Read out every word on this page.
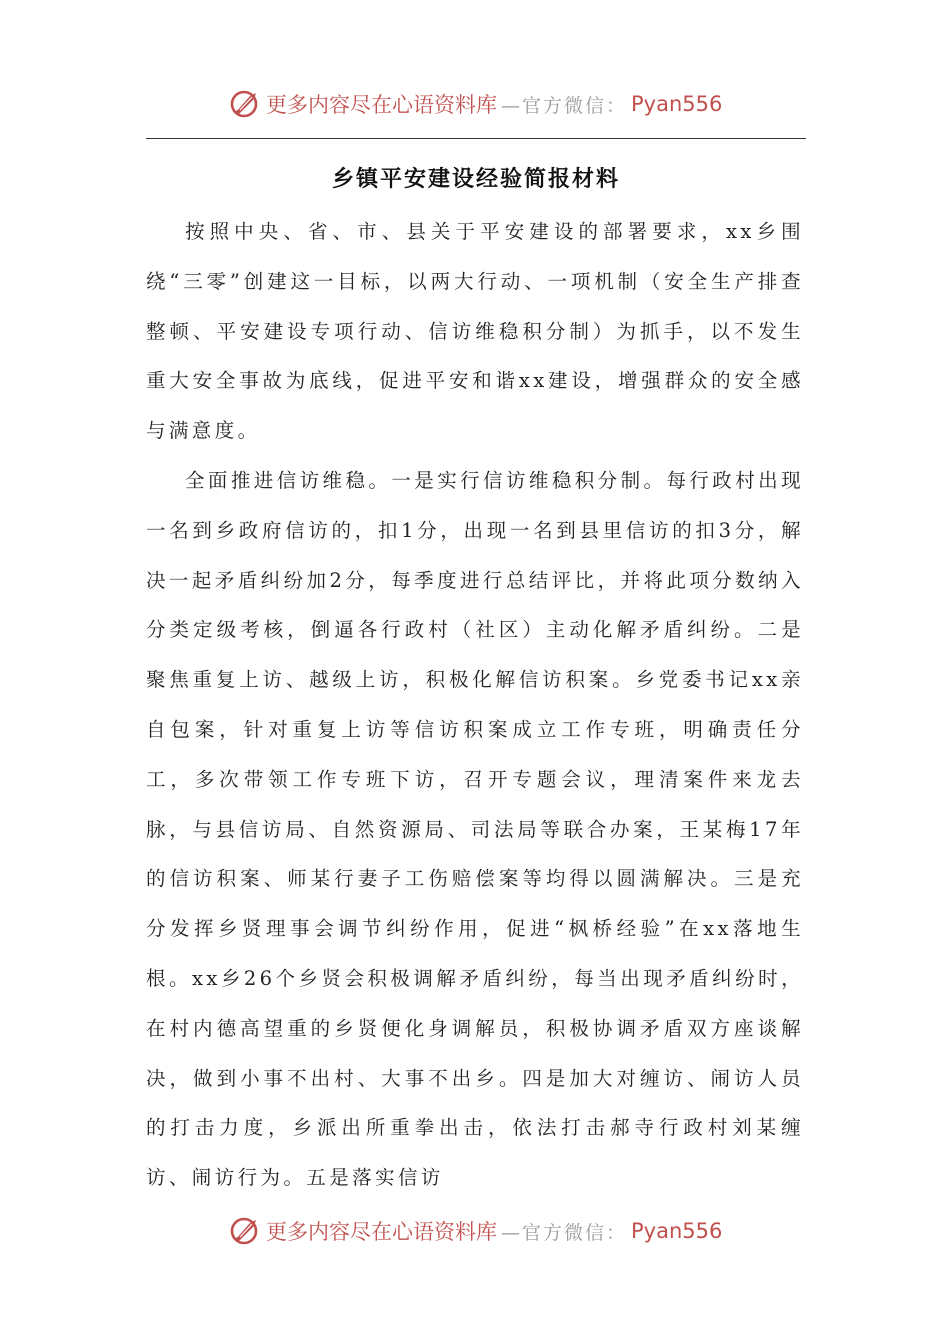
更多内容尽在心语资料库 —官方微信： Pyan556
乡镇平安建设经验简报材料

按照中央、省、市、县关于平安建设的部署要求，xx乡围绕“三零”创建这一目标，以两大行动、一项机制（安全生产排查整顿、平安建设专项行动、信访维稳积分制）为抓手，以不发生重大安全事故为底线，促进平安和谐xx建设，增强群众的安全感与满意度。

全面推进信访维稳。一是实行信访维稳积分制。每行政村出现一名到乡政府信访的，扣1分，出现一名到县里信访的扣3分，解决一起矛盾纠纷加2分，每季度进行总结评比，并将此项分数纳入分类定级考核，倒逼各行政村（社区）主动化解矛盾纠纷。二是聚焦重复上访、越级上访，积极化解信访积案。乡党委书记xx亲自包案，针对重复上访等信访积案成立工作专班，明确责任分工，多次带领工作专班下访，召开专题会议，理清案件来龙去脉，与县信访局、自然资源局、司法局等联合办案，王某梅17年的信访积案、师某行妻子工伤赔偿案等均得以圆满解决。三是充分发挥乡贤理事会调节纠纷作用，促进“枫桥经验”在xx落地生根。xx乡26个乡贤会积极调解矛盾纠纷，每当出现矛盾纠纷时，在村内德高望重的乡贤便化身调解员，积极协调矛盾双方座谈解决，做到小事不出村、大事不出乡。四是加大对缠访、闹访人员的打击力度，乡派出所重拳出击，依法打击郝寺行政村刘某缠访、闹访行为。五是落实信访

更多内容尽在心语资料库 —官方微信： Pyan556
